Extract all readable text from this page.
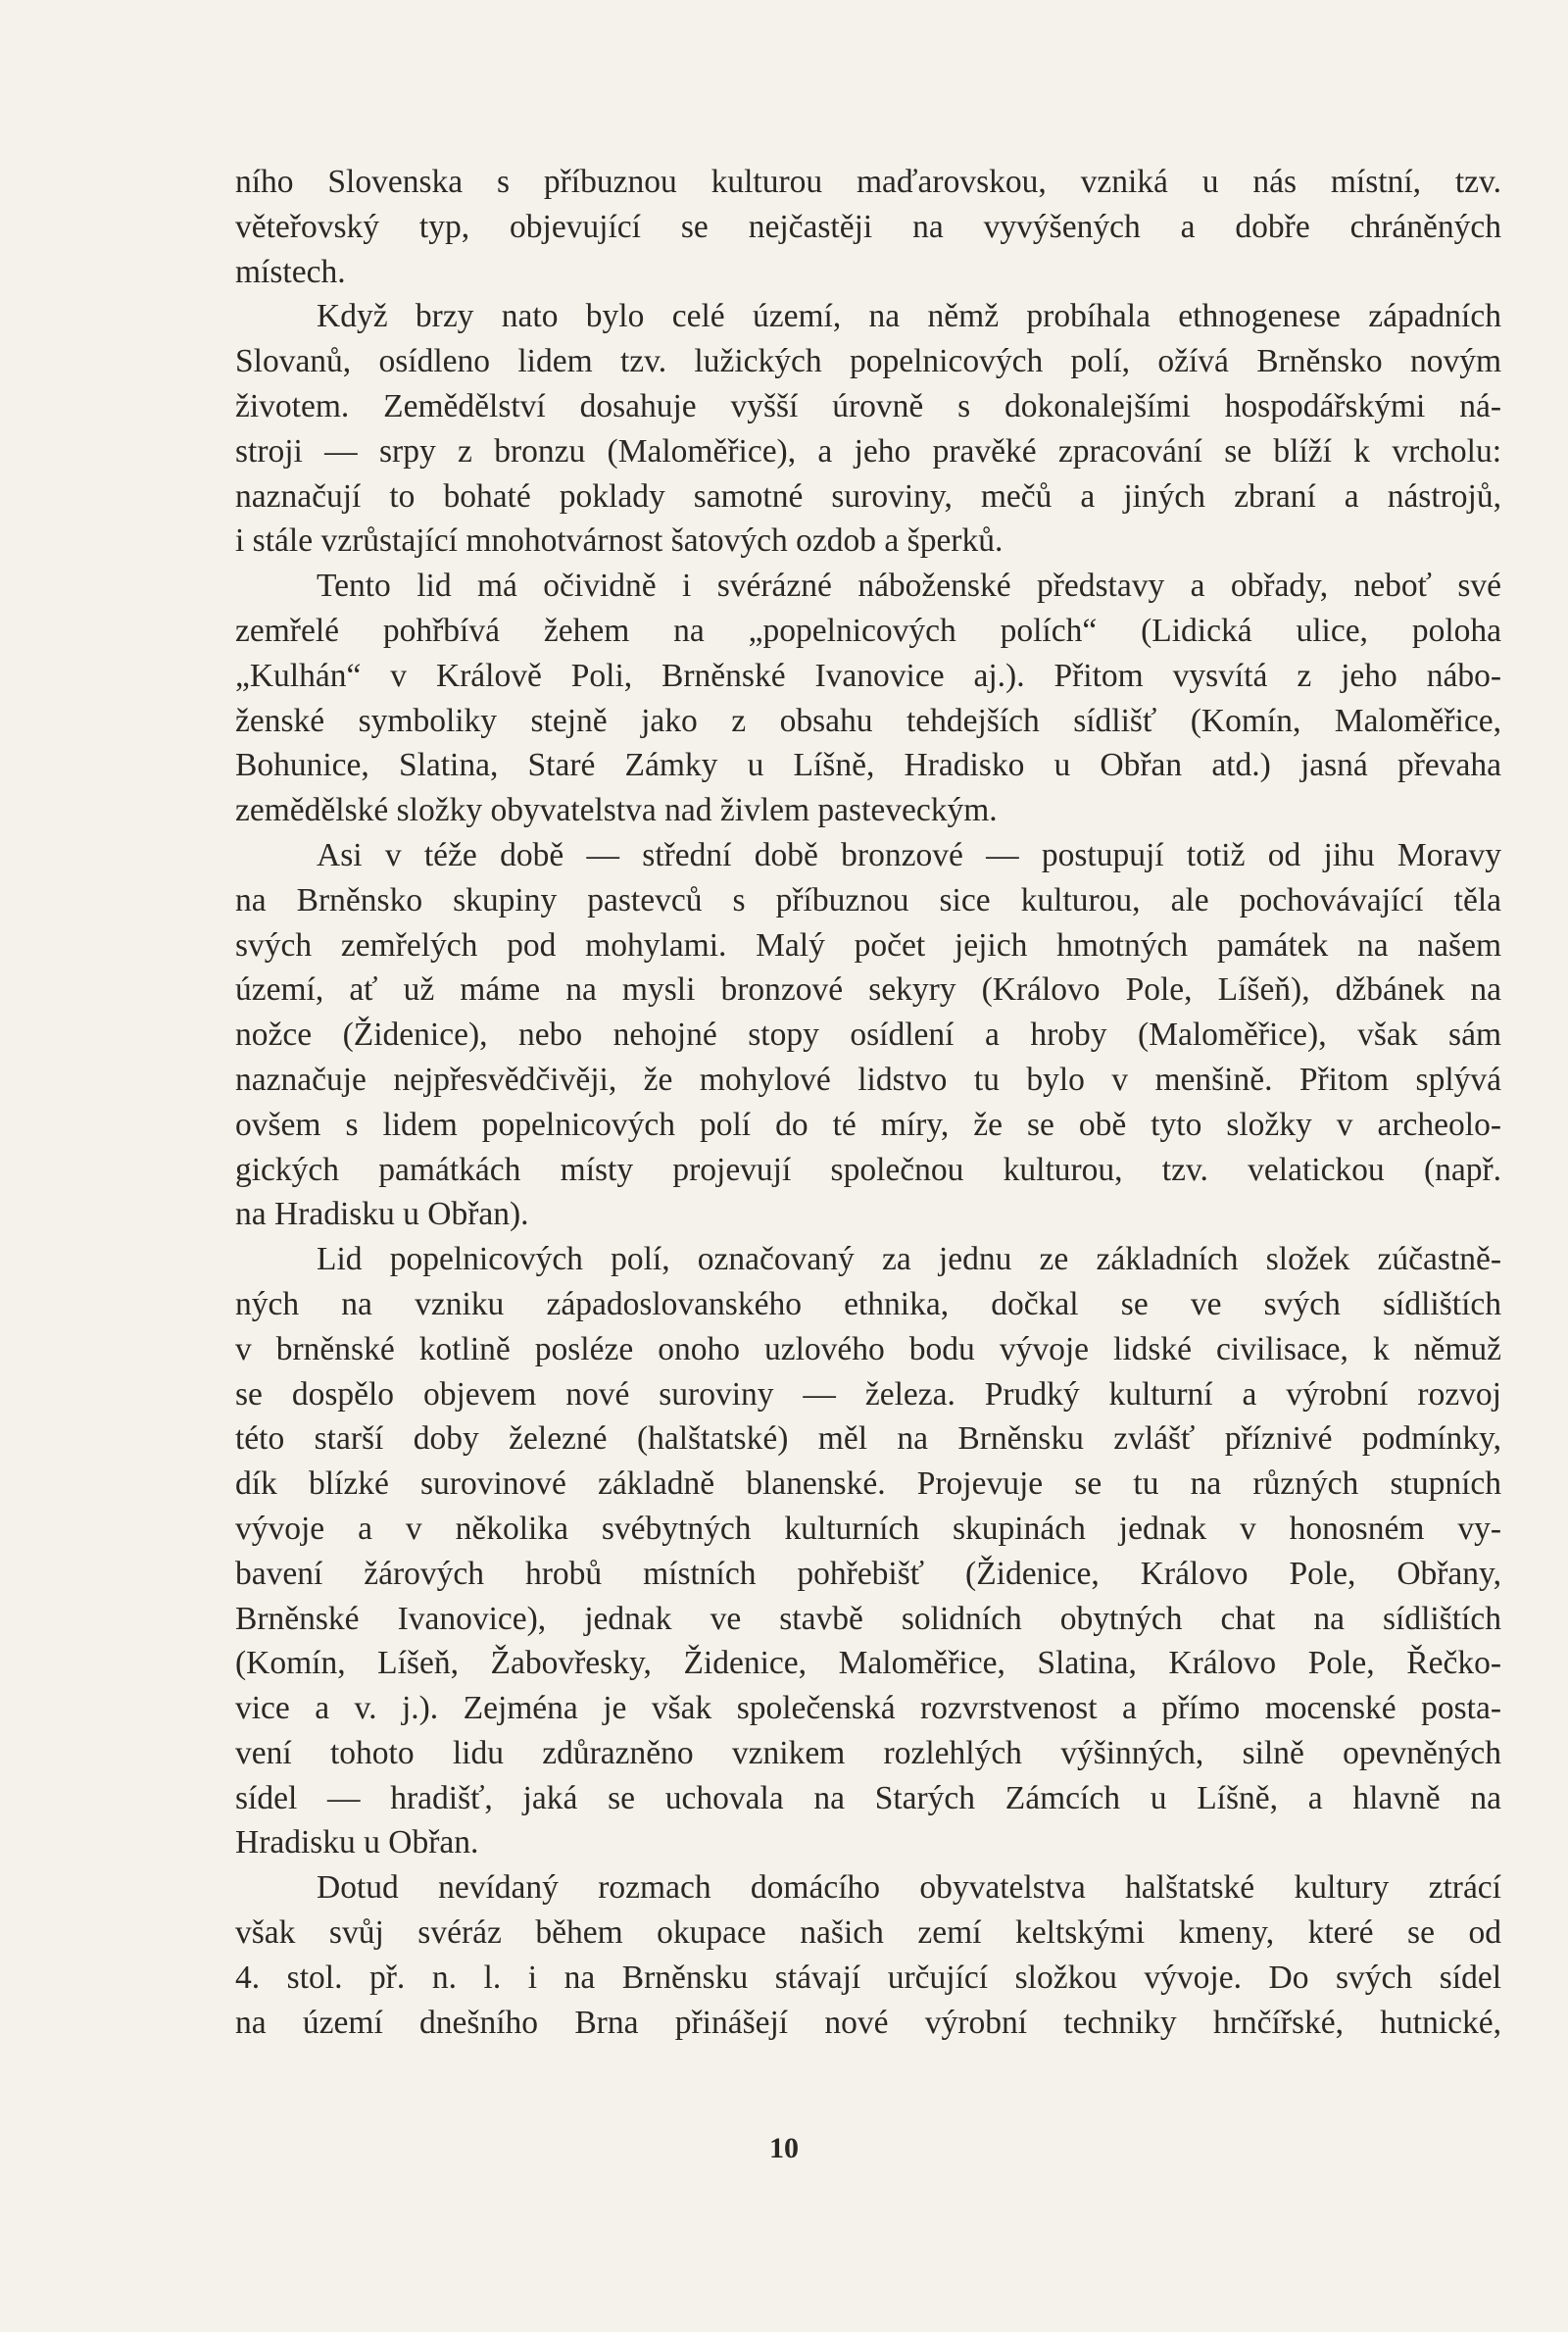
ního Slovenska s příbuznou kulturou maďarovskou, vzniká u nás místní, tzv.
věteřovský typ, objevující se nejčastěji na vyvýšených a dobře chráněných
místech.
Když brzy nato bylo celé území, na němž probíhala ethnogenese západních
Slovanů, osídleno lidem tzv. lužických popelnicových polí, ožívá Brněnsko novým
životem. Zemědělství dosahuje vyšší úrovně s dokonalejšími hospodářskými ná-
stroji — srpy z bronzu (Maloměřice), a jeho pravěké zpracování se blíží k vrcholu:
naznačují to bohaté poklady samotné suroviny, mečů a jiných zbraní a nástrojů,
i stále vzrůstající mnohotvárnost šatových ozdob a šperků.
Tento lid má očividně i svérázné náboženské představy a obřady, neboť své
zemřelé pohřbívá žehem na „popelnicových polích“ (Lidická ulice, poloha
„Kulhán“ v Králově Poli, Brněnské Ivanovice aj.). Přitom vysvítá z jeho nábo-
ženské symboliky stejně jako z obsahu tehdejších sídlišť (Komín, Maloměřice,
Bohunice, Slatina, Staré Zámky u Líšně, Hradisko u Obřan atd.) jasná převaha
zemědělské složky obyvatelstva nad živlem pasteveckým.
Asi v téže době — střední době bronzové — postupují totiž od jihu Moravy
na Brněnsko skupiny pastevců s příbuznou sice kulturou, ale pochovávající těla
svých zemřelých pod mohylami. Malý počet jejich hmotných památek na našem
území, ať už máme na mysli bronzové sekyry (Královo Pole, Líšeň), džbánek na
nožce (Židenice), nebo nehojné stopy osídlení a hroby (Maloměřice), však sám
naznačuje nejpřesvědčivěji, že mohylové lidstvo tu bylo v menšině. Přitom splývá
ovšem s lidem popelnicových polí do té míry, že se obě tyto složky v archeolo-
gických památkách místy projevují společnou kulturou, tzv. velatickou (např.
na Hradisku u Obřan).
Lid popelnicových polí, označovaný za jednu ze základních složek zúčastně-
ných na vzniku západoslovanského ethnika, dočkal se ve svých sídlištích
v brněnské kotlině posléze onoho uzlového bodu vývoje lidské civilisace, k němuž
se dospělo objevem nové suroviny — železa. Prudký kulturní a výrobní rozvoj
této starší doby železné (halštatské) měl na Brněnsku zvlášť příznivé podmínky,
dík blízké surovinové základně blanenské. Projevuje se tu na různých stupních
vývoje a v několika svébytných kulturních skupinách jednak v honosném vy-
bavení žárových hrobů místních pohřebišť (Židenice, Královo Pole, Obřany,
Brněnské Ivanovice), jednak ve stavbě solidních obytných chat na sídlištích
(Komín, Líšeň, Žabovřesky, Židenice, Maloměřice, Slatina, Královo Pole, Řečko-
vice a v. j.). Zejména je však společenská rozvrstvenost a přímo mocenské posta-
vení tohoto lidu zdůrazněno vznikem rozlehlých výšinných, silně opevněných
sídel — hradišť, jaká se uchovala na Starých Zámcích u Líšně, a hlavně na
Hradisku u Obřan.
Dotud nevídaný rozmach domácího obyvatelstva halštatské kultury ztrácí
však svůj svéráz během okupace našich zemí keltskými kmeny, které se od
4. stol. př. n. l. i na Brněnsku stávají určující složkou vývoje. Do svých sídel
na území dnešního Brna přinášejí nové výrobní techniky hrnčířské, hutnické,
10
